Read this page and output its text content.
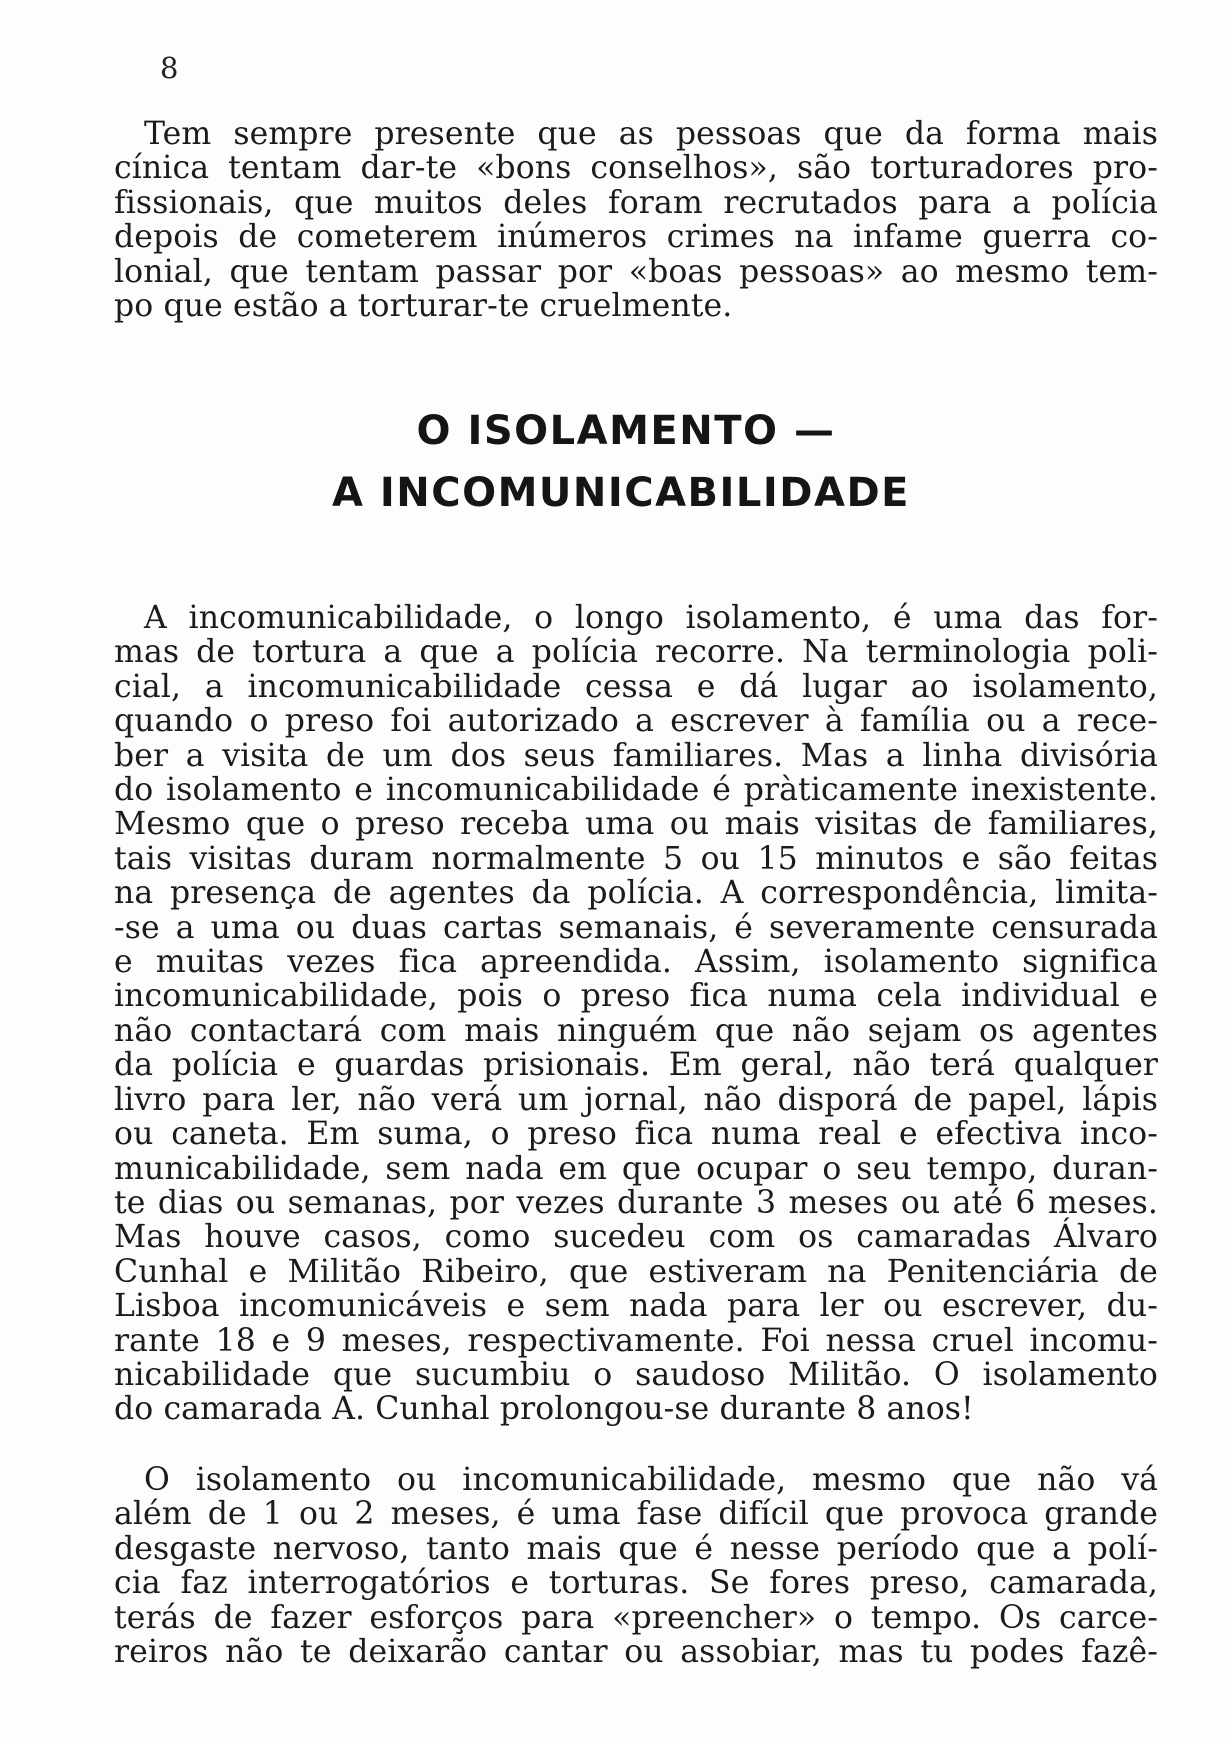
8
Tem sempre presente que as pessoas que da forma mais
cínica tentam dar-te «bons conselhos», são torturadores pro-
fissionais, que muitos deles foram recrutados para a polícia
depois de cometerem inúmeros crimes na infame guerra co-
lonial, que tentam passar por «boas pessoas» ao mesmo tem-
po que estão a torturar-te cruelmente.
O ISOLAMENTO —
A INCOMUNICABILIDADE
A incomunicabilidade, o longo isolamento, é uma das for-
mas de tortura a que a polícia recorre. Na terminologia poli-
cial, a incomunicabilidade cessa e dá lugar ao isolamento,
quando o preso foi autorizado a escrever à família ou a rece-
ber a visita de um dos seus familiares. Mas a linha divisória
do isolamento e incomunicabilidade é pràticamente inexistente.
Mesmo que o preso receba uma ou mais visitas de familiares,
tais visitas duram normalmente 5 ou 15 minutos e são feitas
na presença de agentes da polícia. A correspondência, limita-
-se a uma ou duas cartas semanais, é severamente censurada
e muitas vezes fica apreendida. Assim, isolamento significa
incomunicabilidade, pois o preso fica numa cela individual e
não contactará com mais ninguém que não sejam os agentes
da polícia e guardas prisionais. Em geral, não terá qualquer
livro para ler, não verá um jornal, não disporá de papel, lápis
ou caneta. Em suma, o preso fica numa real e efectiva inco-
municabilidade, sem nada em que ocupar o seu tempo, duran-
te dias ou semanas, por vezes durante 3 meses ou até 6 meses.
Mas houve casos, como sucedeu com os camaradas Álvaro
Cunhal e Militão Ribeiro, que estiveram na Penitenciária de
Lisboa incomunicáveis e sem nada para ler ou escrever, du-
rante 18 e 9 meses, respectivamente. Foi nessa cruel incomu-
nicabilidade que sucumbiu o saudoso Militão. O isolamento
do camarada A. Cunhal prolongou-se durante 8 anos!
O isolamento ou incomunicabilidade, mesmo que não vá
além de 1 ou 2 meses, é uma fase difícil que provoca grande
desgaste nervoso, tanto mais que é nesse período que a polí-
cia faz interrogatórios e torturas. Se fores preso, camarada,
terás de fazer esforços para «preencher» o tempo. Os carce-
reiros não te deixarão cantar ou assobiar, mas tu podes fazê-
